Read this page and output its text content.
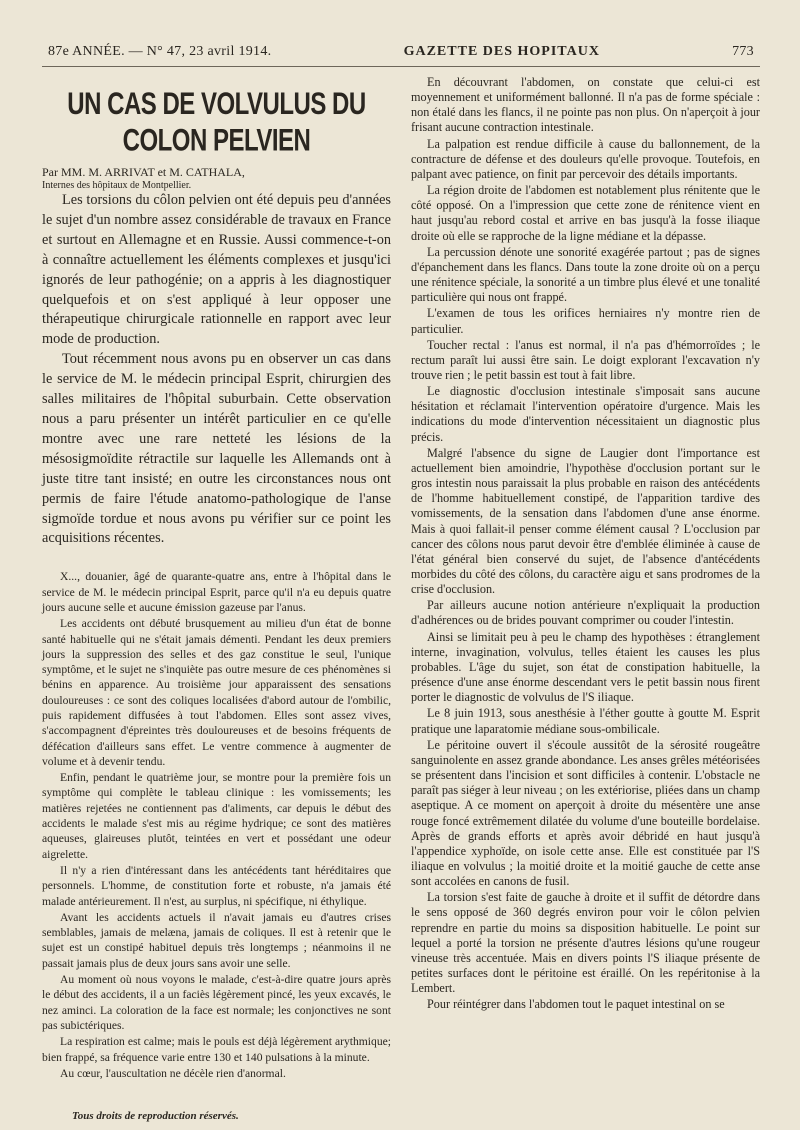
87e ANNÉE. — N° 47, 23 avril 1914.	GAZETTE DES HOPITAUX	773
UN CAS DE VOLVULUS DU COLON PELVIEN

Par MM. M. ARRIVAT et M. CATHALA,

Internes des hôpitaux de Montpellier.

Les torsions du côlon pelvien ont été depuis peu d'années le sujet d'un nombre assez considérable de travaux en France et surtout en Allemagne et en Russie. Aussi commence-t-on à connaître actuellement les éléments complexes et jusqu'ici ignorés de leur pathogénie; on a appris à les diagnostiquer quelquefois et on s'est appliqué à leur opposer une thérapeutique chirurgicale rationnelle en rapport avec leur mode de production.

Tout récemment nous avons pu en observer un cas dans le service de M. le médecin principal Esprit, chirurgien des salles militaires de l'hôpital suburbain. Cette observation nous a paru présenter un intérêt particulier en ce qu'elle montre avec une rare netteté les lésions de la mésosigmoïdite rétractile sur laquelle les Allemands ont à juste titre tant insisté; en outre les circonstances nous ont permis de faire l'étude anatomo-pathologique de l'anse sigmoïde tordue et nous avons pu vérifier sur ce point les acquisitions récentes.

X..., douanier, âgé de quarante-quatre ans, entre à l'hôpital dans le service de M. le médecin principal Esprit, parce qu'il n'a eu depuis quatre jours aucune selle et aucune émission gazeuse par l'anus.

Les accidents ont débuté brusquement au milieu d'un état de bonne santé habituelle qui ne s'était jamais démenti. Pendant les deux premiers jours la suppression des selles et des gaz constitue le seul, l'unique symptôme, et le sujet ne s'inquiète pas outre mesure de ces phénomènes si bénins en apparence. Au troisième jour apparaissent des sensations douloureuses : ce sont des coliques localisées d'abord autour de l'ombilic, puis rapidement diffusées à tout l'abdomen. Elles sont assez vives, s'accompagnent d'épreintes très douloureuses et de besoins fréquents de défécation d'ailleurs sans effet. Le ventre commence à augmenter de volume et à devenir tendu.

Enfin, pendant le quatrième jour, se montre pour la première fois un symptôme qui complète le tableau clinique : les vomissements; les matières rejetées ne contiennent pas d'aliments, car depuis le début des accidents le malade s'est mis au régime hydrique; ce sont des matières aqueuses, glaireuses plutôt, teintées en vert et possédant une odeur aigrelette.

Il n'y a rien d'intéressant dans les antécédents tant héréditaires que personnels. L'homme, de constitution forte et robuste, n'a jamais été malade antérieurement. Il n'est, au surplus, ni spécifique, ni éthylique.

Avant les accidents actuels il n'avait jamais eu d'autres crises semblables, jamais de melæna, jamais de coliques. Il est à retenir que le sujet est un constipé habituel depuis très longtemps ; néanmoins il ne passait jamais plus de deux jours sans avoir une selle.

Au moment où nous voyons le malade, c'est-à-dire quatre jours après le début des accidents, il a un faciès légèrement pincé, les yeux excavés, le nez aminci. La coloration de la face est normale; les conjonctives ne sont pas subictériques.

La respiration est calme; mais le pouls est déjà légèrement arythmique; bien frappé, sa fréquence varie entre 130 et 140 pulsations à la minute.

Au cœur, l'auscultation ne décèle rien d'anormal.

En découvrant l'abdomen, on constate que celui-ci est moyennement et uniformément ballonné. Il n'a pas de forme spéciale : non étalé dans les flancs, il ne pointe pas non plus. On n'aperçoit à jour frisant aucune contraction intestinale.

La palpation est rendue difficile à cause du ballonnement, de la contracture de défense et des douleurs qu'elle provoque. Toutefois, en palpant avec patience, on finit par percevoir des détails importants.

La région droite de l'abdomen est notablement plus rénitente que le côté opposé. On a l'impression que cette zone de rénitence vient en haut jusqu'au rebord costal et arrive en bas jusqu'à la fosse iliaque droite où elle se rapproche de la ligne médiane et la dépasse.

La percussion dénote une sonorité exagérée partout ; pas de signes d'épanchement dans les flancs. Dans toute la zone droite où on a perçu une rénitence spéciale, la sonorité a un timbre plus élevé et une tonalité particulière qui nous ont frappé.

L'examen de tous les orifices herniaires n'y montre rien de particulier.

Toucher rectal : l'anus est normal, il n'a pas d'hémorroïdes ; le rectum paraît lui aussi être sain. Le doigt explorant l'excavation n'y trouve rien ; le petit bassin est tout à fait libre.

Le diagnostic d'occlusion intestinale s'imposait sans aucune hésitation et réclamait l'intervention opératoire d'urgence. Mais les indications du mode d'intervention nécessitaient un diagnostic plus précis.

Malgré l'absence du signe de Laugier dont l'importance est actuellement bien amoindrie, l'hypothèse d'occlusion portant sur le gros intestin nous paraissait la plus probable en raison des antécédents de l'homme habituellement constipé, de l'apparition tardive des vomissements, de la sensation dans l'abdomen d'une anse énorme. Mais à quoi fallait-il penser comme élément causal ? L'occlusion par cancer des côlons nous parut devoir être d'emblée éliminée à cause de l'état général bien conservé du sujet, de l'absence d'antécédents morbides du côté des côlons, du caractère aigu et sans prodromes de la crise d'occlusion.

Par ailleurs aucune notion antérieure n'expliquait la production d'adhérences ou de brides pouvant comprimer ou couder l'intestin.

Ainsi se limitait peu à peu le champ des hypothèses : étranglement interne, invagination, volvulus, telles étaient les causes les plus probables. L'âge du sujet, son état de constipation habituelle, la présence d'une anse énorme descendant vers le petit bassin nous firent porter le diagnostic de volvulus de l'S iliaque.

Le 8 juin 1913, sous anesthésie à l'éther goutte à goutte M. Esprit pratique une laparatomie médiane sous-ombilicale.

Le péritoine ouvert il s'écoule aussitôt de la sérosité rougeâtre sanguinolente en assez grande abondance. Les anses grêles météorisées se présentent dans l'incision et sont difficiles à contenir. L'obstacle ne paraît pas siéger à leur niveau ; on les extériorise, pliées dans un champ aseptique. A ce moment on aperçoit à droite du mésentère une anse rouge foncé extrêmement dilatée du volume d'une bouteille bordelaise. Après de grands efforts et après avoir débridé en haut jusqu'à l'appendice xyphoïde, on isole cette anse. Elle est constituée par l'S iliaque en volvulus ; la moitié droite et la moitié gauche de cette anse sont accolées en canons de fusil.

La torsion s'est faite de gauche à droite et il suffit de détordre dans le sens opposé de 360 degrés environ pour voir le côlon pelvien reprendre en partie du moins sa disposition habituelle. Le point sur lequel a porté la torsion ne présente d'autres lésions qu'une rougeur vineuse très accentuée. Mais en divers points l'S iliaque présente de petites surfaces dont le péritoine est éraillé. On les repéritonise à la Lembert.

Pour réintégrer dans l'abdomen tout le paquet intestinal on se

Tous droits de reproduction réservés.
